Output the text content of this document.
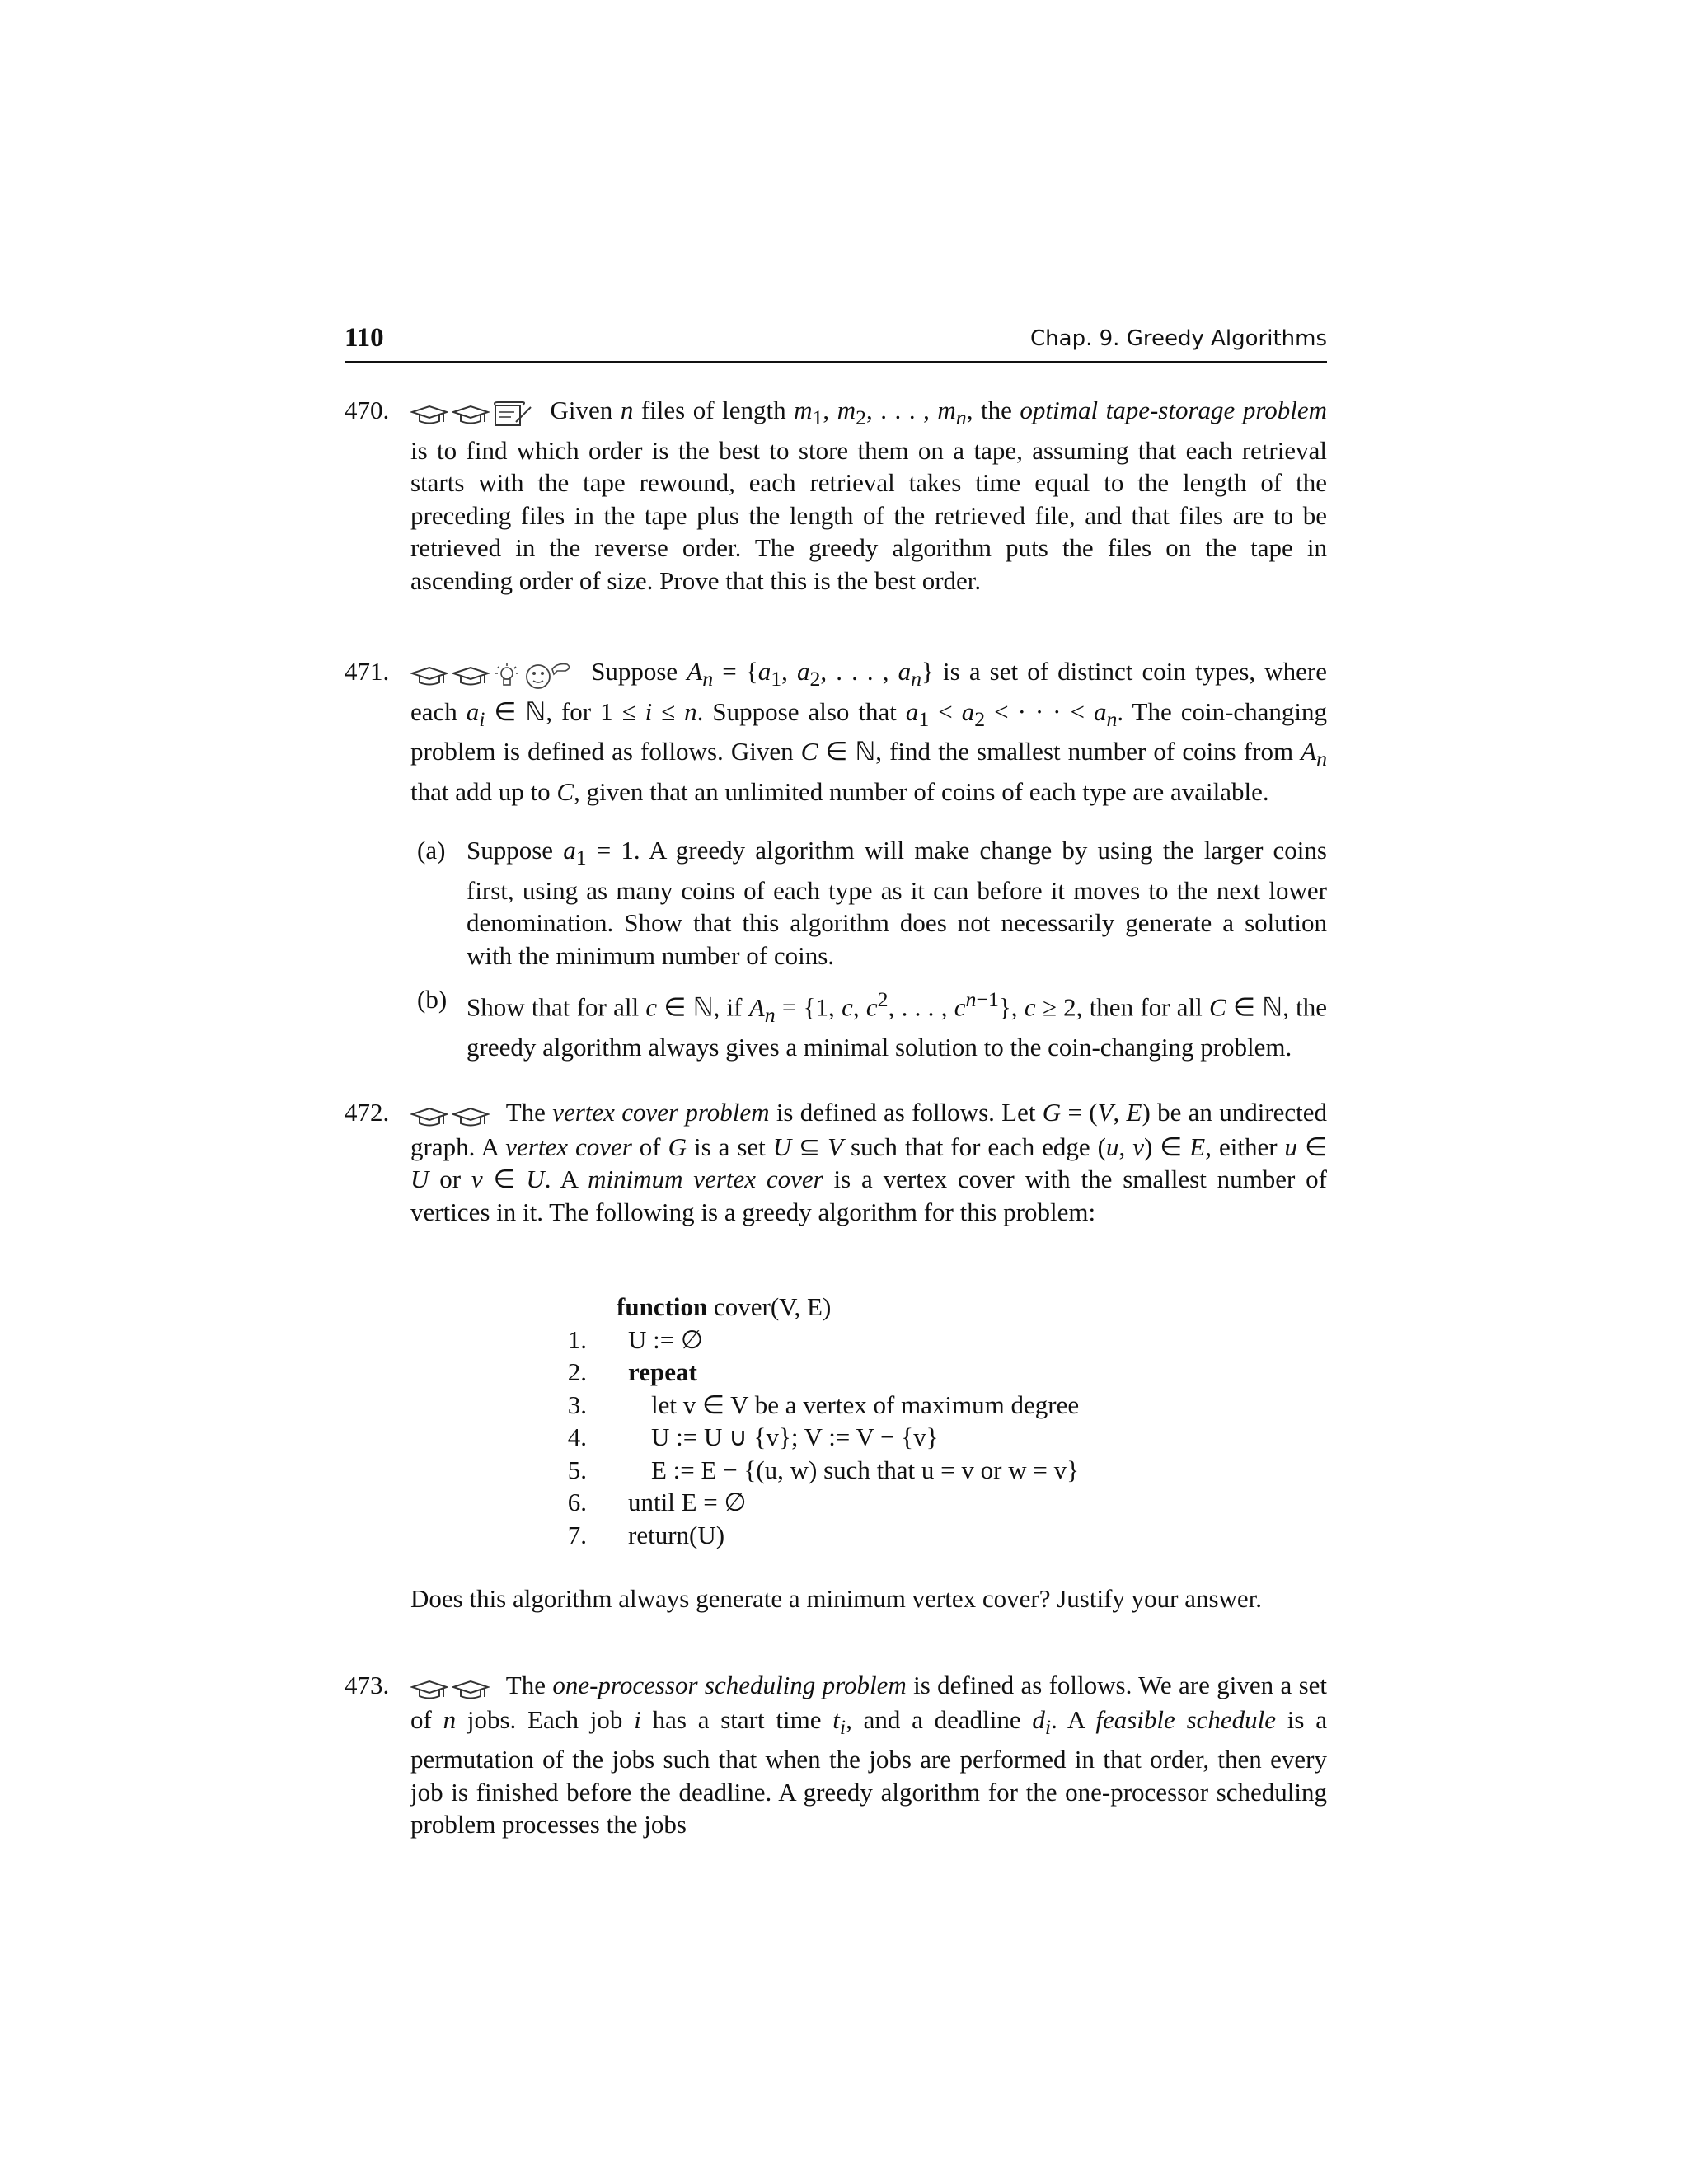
110	Chap. 9. Greedy Algorithms
470.	Given n files of length $m_1$, $m_2$, . . . , $m_n$, the optimal tape-storage problem is to find which order is the best to store them on a tape, assuming that each retrieval starts with the tape rewound, each retrieval takes time equal to the length of the preceding files in the tape plus the length of the retrieved file, and that files are to be retrieved in the reverse order. The greedy algorithm puts the files on the tape in ascending order of size. Prove that this is the best order.
471.	Suppose $A_n = \{a_1$, $a_2$, . . . , $a_n$} is a set of distinct coin types, where each $a_i$ ∈ ℕ, for 1 ≤ i ≤ n. Suppose also that $a_1 < a_2$ < · · · < $a_n$. The coin-changing problem is defined as follows. Given C ∈ ℕ, find the smallest number of coins from $A_n$ that add up to C, given that an unlimited number of coins of each type are available.
(a) Suppose $a_1 = 1$. A greedy algorithm will make change by using the larger coins first, using as many coins of each type as it can before it moves to the next lower denomination. Show that this algorithm does not necessarily generate a solution with the minimum number of coins.
(b) Show that for all c ∈ ℕ, if $A_n = \{1$, c, $c^2$, . . . , $c^{n-1}$}, c ≥ 2, then for all C ∈ ℕ, the greedy algorithm always gives a minimal solution to the coin-changing problem.
472.	The vertex cover problem is defined as follows. Let G = (V, E) be an undirected graph. A vertex cover of G is a set U ⊆ V such that for each edge (u, v) ∈ E, either u ∈ U or v ∈ U. A minimum vertex cover is a vertex cover with the smallest number of vertices in it. The following is a greedy algorithm for this problem:
function cover(V, E)
1. U := ∅
2. repeat
3.	let v ∈ V be a vertex of maximum degree
4.	U := U ∪ {v}; V := V − {v}
5.	E := E − {(u, w) such that u = v or w = v}
6. until E = ∅
7. return(U)
Does this algorithm always generate a minimum vertex cover? Justify your answer.
473.	The one-processor scheduling problem is defined as follows. We are given a set of n jobs. Each job i has a start time $t_i$, and a deadline $d_i$. A feasible schedule is a permutation of the jobs such that when the jobs are performed in that order, then every job is finished before the deadline. A greedy algorithm for the one-processor scheduling problem processes the jobs
